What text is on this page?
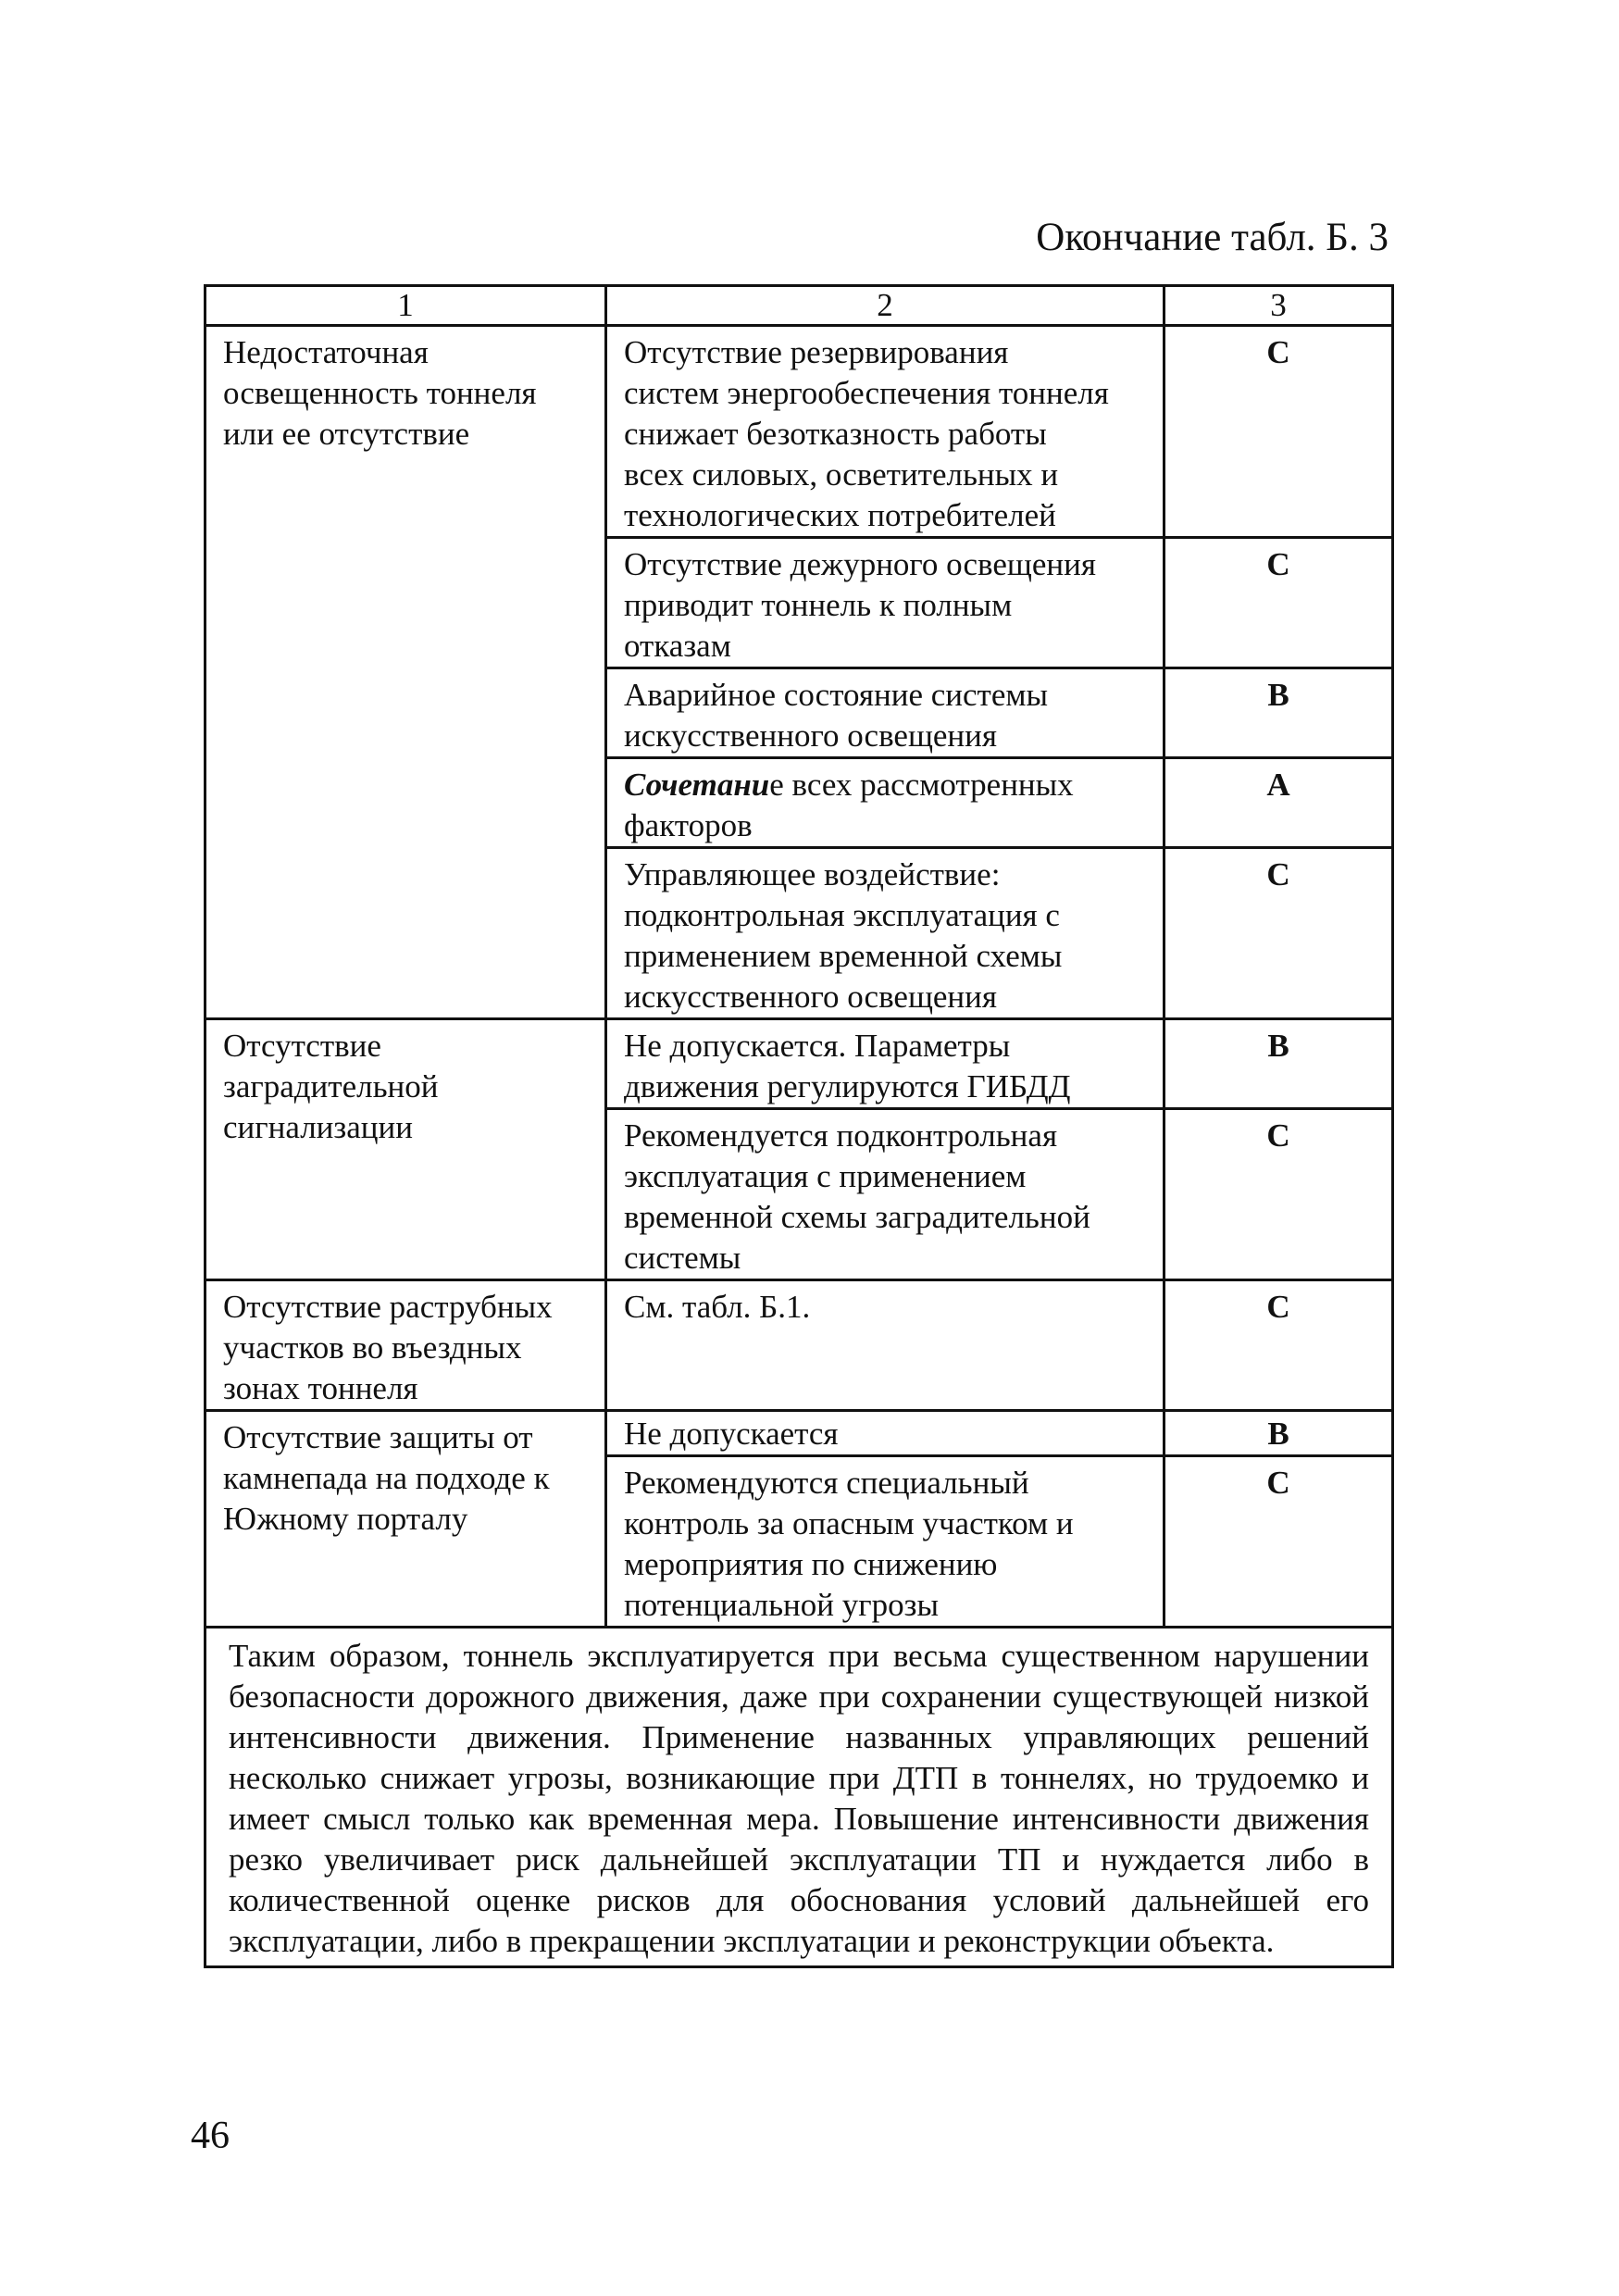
Окончание табл. Б. 3
1	2	3
Недостаточная
освещенность тоннеля
или ее отсутствие	Отсутствие резервирования
систем энергообеспечения тоннеля
снижает безотказность работы
всех силовых, осветительных и
технологических потребителей	С
	Отсутствие дежурного освещения
приводит тоннель к полным
отказам	С
	Аварийное состояние системы
искусственного освещения	В
	Сочетание всех рассмотренных
факторов	А
	Управляющее воздействие:
подконтрольная эксплуатация с
применением временной схемы
искусственного освещения	С
Отсутствие
заградительной
сигнализации	Не допускается. Параметры
движения регулируются ГИБДД	В
	Рекомендуется подконтрольная
эксплуатация с применением
временной схемы заградительной
системы	С
Отсутствие раструбных
участков во въездных
зонах тоннеля	См. табл. Б.1.	С
Отсутствие защиты от
камнепада на подходе к
Южному порталу	Не допускается	В
	Рекомендуются специальный
контроль за опасным участком и
мероприятия по снижению
потенциальной угрозы	С
Таким образом, тоннель эксплуатируется при весьма существенном нарушении безопасности дорожного движения, даже при сохранении существующей низкой интенсивности движения. Применение названных управляющих решений несколько снижает угрозы, возникающие при ДТП в тоннелях, но трудоемко и имеет смысл только как временная мера. Повышение интенсивности движения резко увеличивает риск дальнейшей эксплуатации ТП и нуждается либо в количественной оценке рисков для обоснования условий дальнейшей его эксплуатации, либо в прекращении эксплуатации и реконструкции объекта.		
46
